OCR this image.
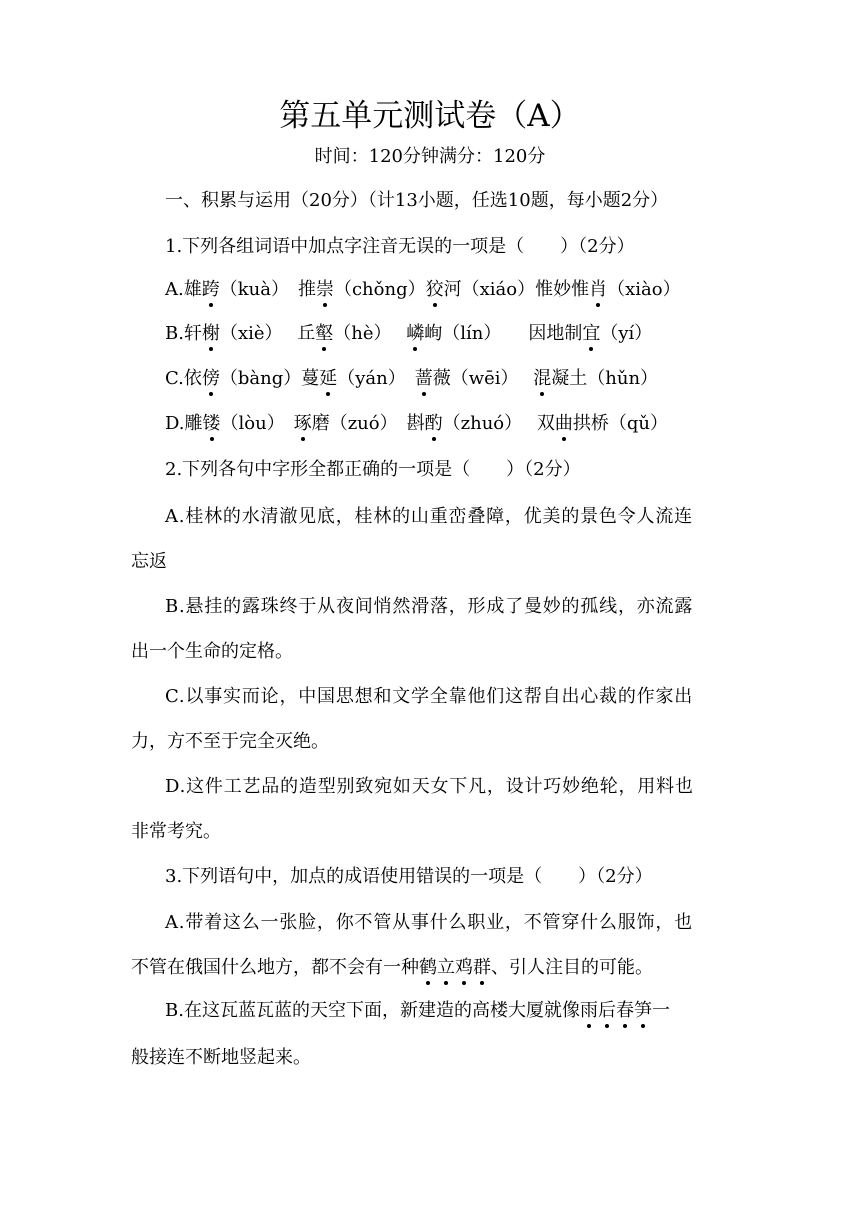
第五单元测试卷（A）
时间：120分钟满分：120分
一、积累与运用（20分）（计13小题，任选10题，每小题2分）
1.下列各组词语中加点字注音无误的一项是（　　）（2分）
A.雄跨（kuà）　推崇（chǒng）狡河（xiáo）惟妙惟肖（xiào）
B.轩榭（xiè）　 丘壑（hè）　 嶙峋（lín）　　因地制宜（yí）
C.依傍（bàng）蔓延（yán）　蔷薇（wēi）　 混凝土（hǔn）
D.雕镂（lòu）　琢磨（zuó）　斟酌（zhuó）　 双曲拱桥（qǔ）
2.下列各句中字形全都正确的一项是（　　）（2分）
A.桂林的水清澈见底，桂林的山重峦叠障，优美的景色令人流连
忘返
B.悬挂的露珠终于从夜间悄然滑落，形成了曼妙的孤线，亦流露
出一个生命的定格。
C.以事实而论，中国思想和文学全靠他们这帮自出心裁的作家出
力，方不至于完全灭绝。
D.这件工艺品的造型别致宛如天女下凡，设计巧妙绝轮，用料也
非常考究。
3.下列语句中，加点的成语使用错误的一项是（　　）（2分）
A.带着这么一张脸，你不管从事什么职业，不管穿什么服饰，也
不管在俄国什么地方，都不会有一种鹤立鸡群、引人注目的可能。
B.在这瓦蓝瓦蓝的天空下面，新建造的高楼大厦就像雨后春笋一
般接连不断地竖起来。
